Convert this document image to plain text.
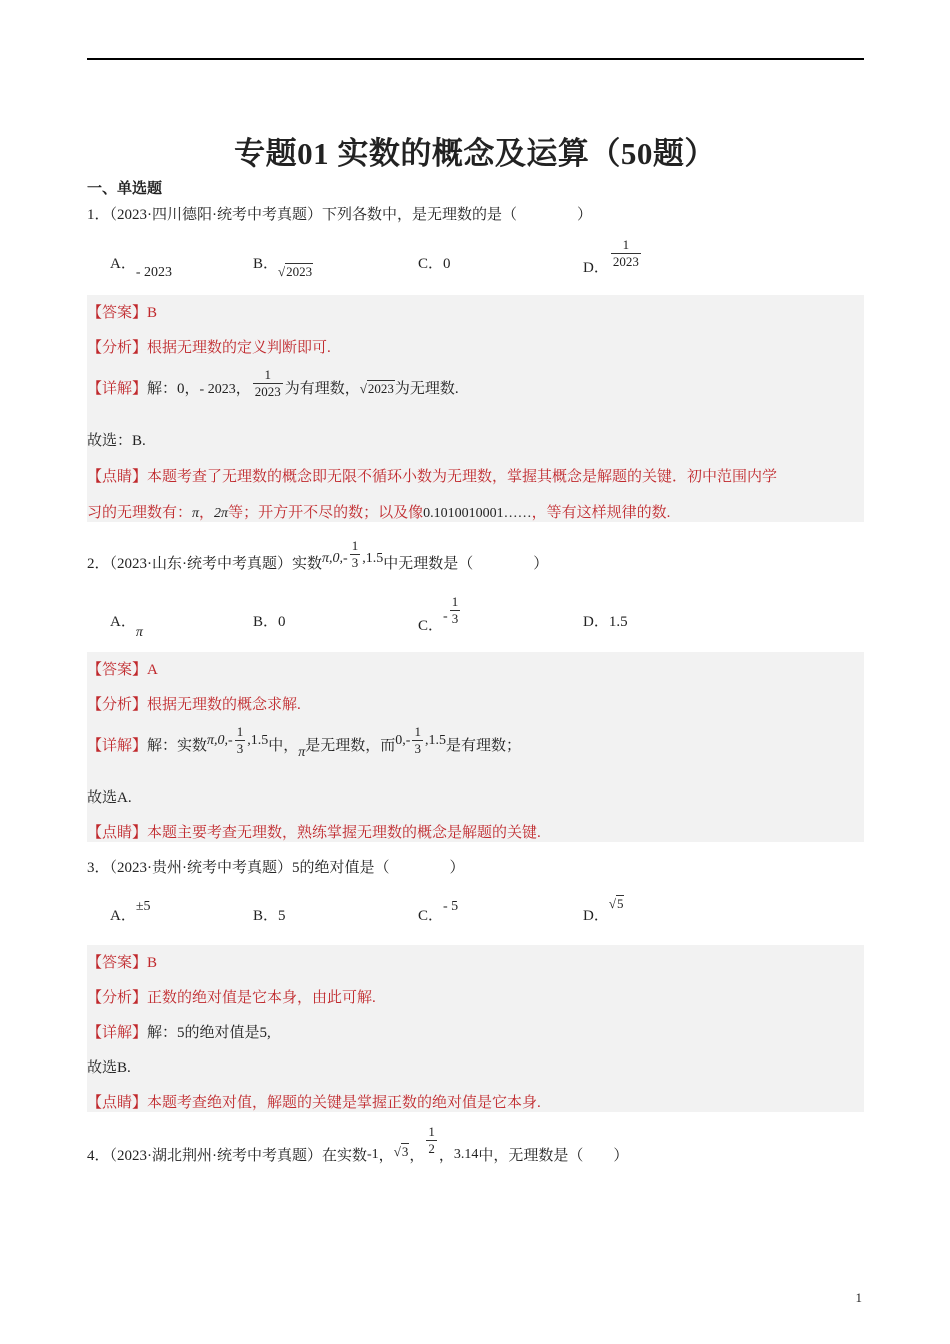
专题01 实数的概念及运算（50题）
一、单选题
1．（2023·四川德阳·统考中考真题）下列各数中，是无理数的是（　　　　）
A．- 2023
B．√2023	C．0	D． $\frac{1}{2023}$
【答案】B
【分析】根据无理数的定义判断即可.
【详解】解：0，- 2023， $\frac{1}{2023}$ 为有理数，√2023为无理数.
故选：B.
【点睛】本题考查了无理数的概念即无限不循环小数为无理数，掌握其概念是解题的关键．初中范围内学
习的无理数有：π，2π等；开方开不尽的数；以及像0.1010010001……，等有这样规律的数.
2．（2023·山东·统考中考真题）实数$\pi,0,- \frac{1}{3} ,1.5$中无理数是（　　　　）
A．π
B．0	C．- $\frac{1}{3}$	D．1.5
【答案】A
【分析】根据无理数的概念求解.
【详解】解：实数$\pi,0,- \frac{1}{3} ,1.5$中，π是无理数，而$0,- \frac{1}{3} ,1.5$是有理数；
故选A.
【点睛】本题主要考查无理数，熟练掌握无理数的概念是解题的关键.
3．（2023·贵州·统考中考真题）5的绝对值是（　　　　）
A．±5
B．5	C．- 5
D．√5
【答案】B
【分析】正数的绝对值是它本身，由此可解.
【详解】解：5的绝对值是5,
故选B.
【点睛】本题考查绝对值，解题的关键是掌握正数的绝对值是它本身.
4．（2023·湖北荆州·统考中考真题）在实数-1，√3， $\frac{1}{2}$ ，3.14中，无理数是（　　）
1
